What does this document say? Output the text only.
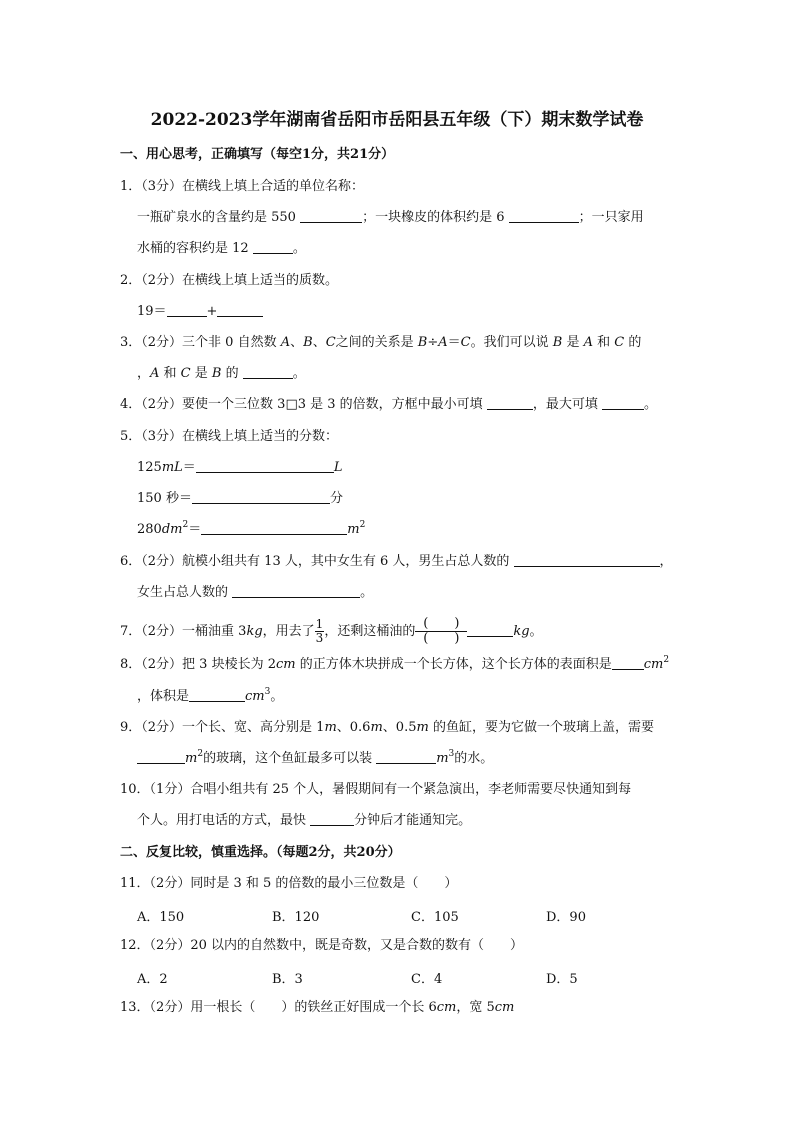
2022-2023学年湖南省岳阳市岳阳县五年级（下）期末数学试卷
一、用心思考，正确填写（每空1分，共21分）
1．（3分）在横线上填上合适的单位名称：
一瓶矿泉水的含量约是 550	；一块橡皮的体积约是 6	；一只家用
水桶的容积约是 12	。
2．（2分）在横线上填上适当的质数。
19＝	+
3．（2分）三个非 0 自然数 A、B、C之间的关系是 B÷A＝C。我们可以说 B 是 A 和 C 的
，A 和 C 是 B 的	。
4．（2分）要使一个三位数 3□3 是 3 的倍数，方框中最小可填	，最大可填	。
5．（3分）在横线上填上适当的分数：
125mL＝	L
150 秒＝	分
$280dm^2=$	$m^2$
6．（2分）航模小组共有 13 人，其中女生有 6 人，男生占总人数的	，
女生占总人数的	。
7．（2分）一桶油重 3kg，用去了 $\frac{1}{3}$ ，还剩这桶油的 $\frac{( )}{( )}$	kg。
8．（2分）把 3 块棱长为 2cm 的正方体木块拼成一个长方体，这个长方体的表面积是 $cm^2$
，体积是	$cm^3$。
9．（2分）一个长、宽、高分别是 1m、0.6m、0.5m 的鱼缸，要为它做一个玻璃上盖，需要
$m^2$的玻璃，这个鱼缸最多可以装	$m^3$的水。
10．（1分）合唱小组共有 25 个人，暑假期间有一个紧急演出，李老师需要尽快通知到每
个人。用打电话的方式，最快	分钟后才能通知完。
二、反复比较，慎重选择。（每题2分，共20分）
11．（2分）同时是 3 和 5 的倍数的最小三位数是（　　）
A．150	B．120	C．105	D．90
12．（2分）20 以内的自然数中，既是奇数，又是合数的数有（　　）
A．2	B．3	C．4	D．5
13．（2分）用一根长（　　）的铁丝正好围成一个长 6cm，宽 5cm
